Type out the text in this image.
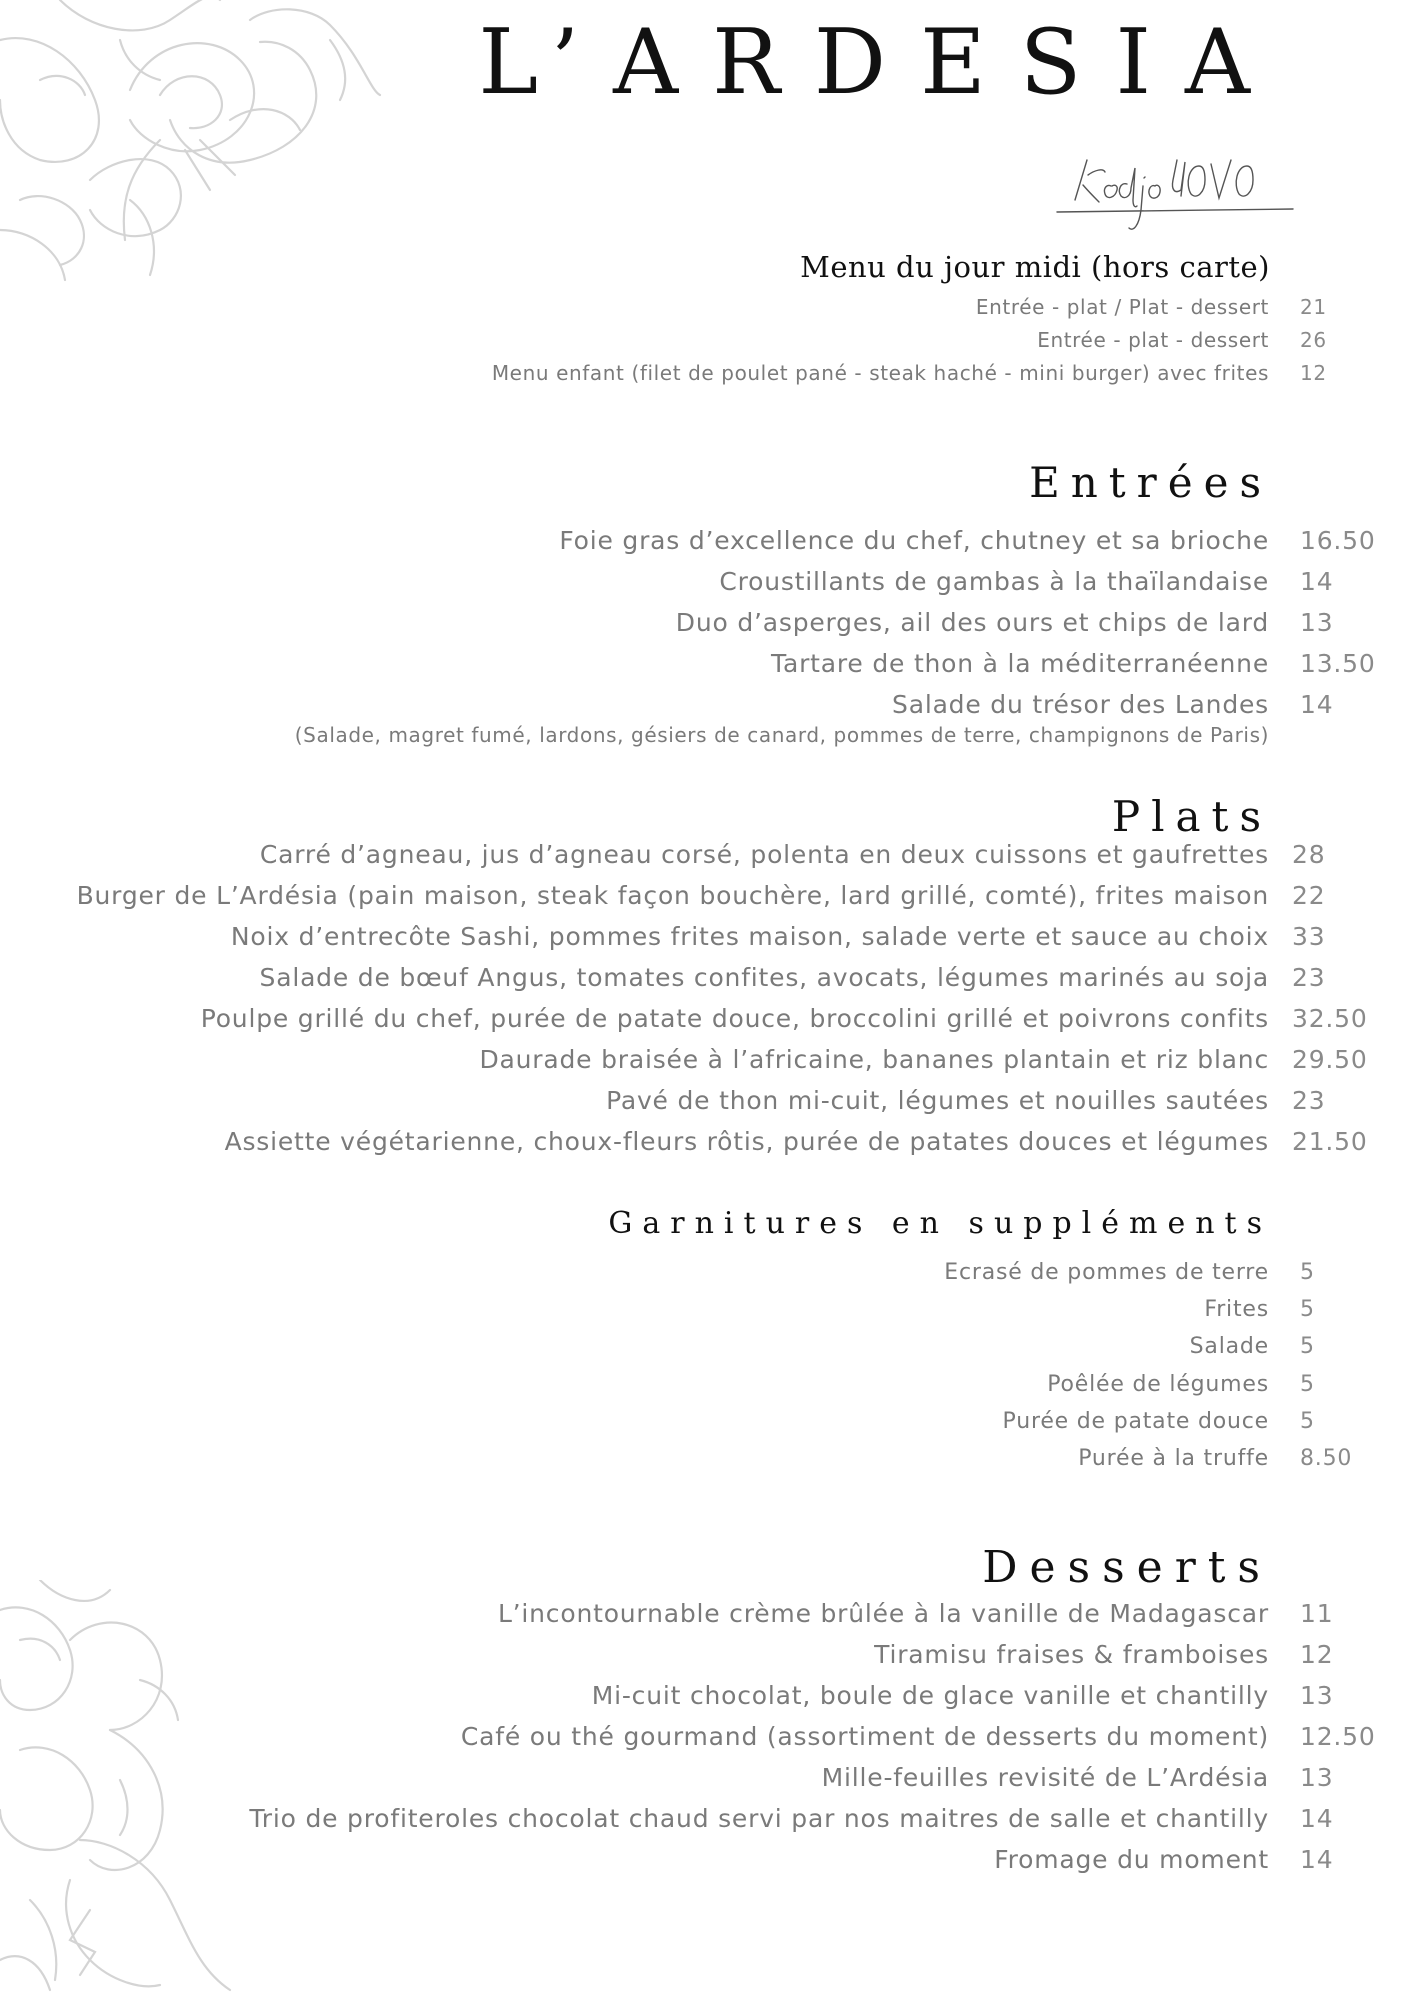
L’ARDESIA
Menu du jour midi (hors carte)
Entrée - plat / Plat - dessert 21
Entrée - plat - dessert 26
Menu enfant (filet de poulet pané - steak haché - mini burger) avec frites 12
Entrées
Foie gras d’excellence du chef, chutney et sa brioche 16.50
Croustillants de gambas à la thaïlandaise 14
Duo d’asperges, ail des ours et chips de lard 13
Tartare de thon à la méditerranéenne 13.50
Salade du trésor des Landes 14
(Salade, magret fumé, lardons, gésiers de canard, pommes de terre, champignons de Paris)
Plats
Carré d’agneau, jus d’agneau corsé, polenta en deux cuissons et gaufrettes 28
Burger de L’Ardésia (pain maison, steak façon bouchère, lard grillé, comté), frites maison 22
Noix d’entrecôte Sashi, pommes frites maison, salade verte et sauce au choix 33
Salade de bœuf Angus, tomates confites, avocats, légumes marinés au soja 23
Poulpe grillé du chef, purée de patate douce, broccolini grillé et poivrons confits 32.50
Daurade braisée à l’africaine, bananes plantain et riz blanc 29.50
Pavé de thon mi-cuit, légumes et nouilles sautées 23
Assiette végétarienne, choux-fleurs rôtis, purée de patates douces et légumes 21.50
Garnitures en suppléments
Ecrasé de pommes de terre 5
Frites 5
Salade 5
Poêlée de légumes 5
Purée de patate douce 5
Purée à la truffe 8.50
Desserts
L’incontournable crème brûlée à la vanille de Madagascar 11
Tiramisu fraises & framboises 12
Mi-cuit chocolat, boule de glace vanille et chantilly 13
Café ou thé gourmand (assortiment de desserts du moment) 12.50
Mille-feuilles revisité de L’Ardésia 13
Trio de profiteroles chocolat chaud servi par nos maitres de salle et chantilly 14
Fromage du moment 14
